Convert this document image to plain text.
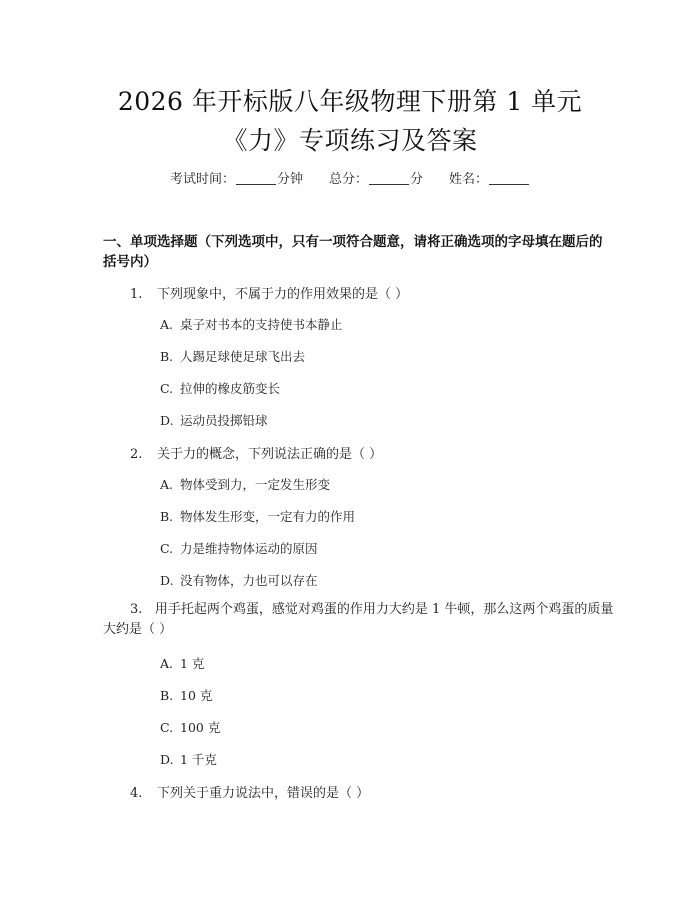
2026 年开标版八年级物理下册第 1 单元
《力》专项练习及答案
考试时间：	分钟 总分：	分 姓名：
一、单项选择题（下列选项中，只有一项符合题意，请将正确选项的字母填在题后的括号内）
1. 下列现象中，不属于力的作用效果的是（ ）
A. 桌子对书本的支持使书本静止
B. 人踢足球使足球飞出去
C. 拉伸的橡皮筋变长
D. 运动员投掷铅球
2. 关于力的概念，下列说法正确的是（ ）
A. 物体受到力，一定发生形变
B. 物体发生形变，一定有力的作用
C. 力是维持物体运动的原因
D. 没有物体，力也可以存在
3. 用手托起两个鸡蛋，感觉对鸡蛋的作用力大约是 1 牛顿，那么这两个鸡蛋的质量大约是（ ）
A. 1 克
B. 10 克
C. 100 克
D. 1 千克
4. 下列关于重力说法中，错误的是（ ）
